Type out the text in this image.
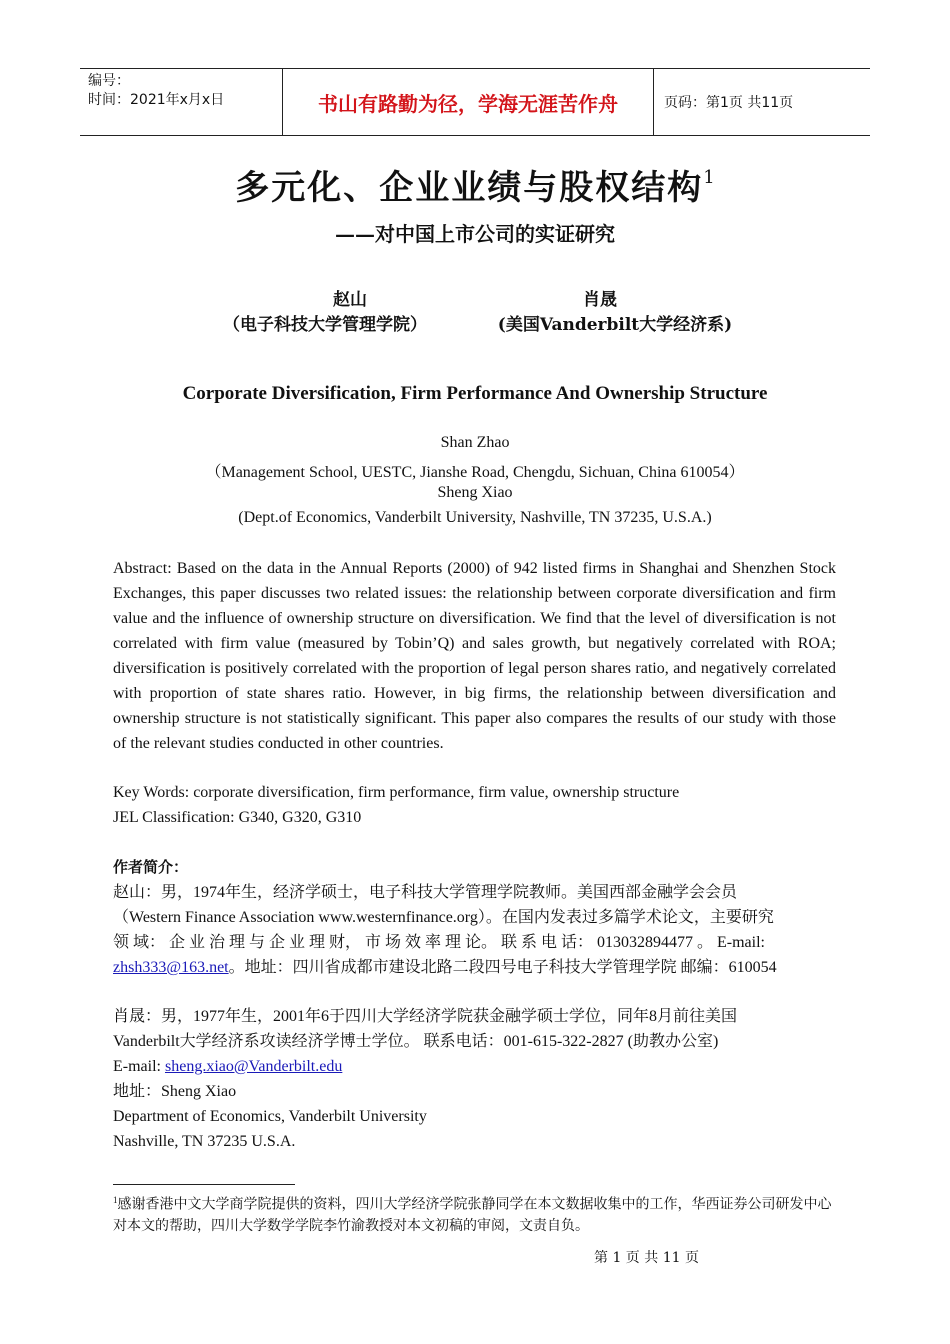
编号：
时间：2021年x月x日	书山有路勤为径，学海无涯苦作舟	页码：第1页 共11页
多元化、企业业绩与股权结构$^1$
——对中国上市公司的实证研究
赵山	肖晟
（电子科技大学管理学院）	(美国Vanderbilt大学经济系)
Corporate Diversification, Firm Performance And Ownership Structure
Shan Zhao
（Management School, UESTC, Jianshe Road, Chengdu, Sichuan, China 610054）
Sheng Xiao
(Dept.of Economics, Vanderbilt University, Nashville, TN 37235, U.S.A.)
Abstract: Based on the data in the Annual Reports (2000) of 942 listed firms in Shanghai and Shenzhen Stock Exchanges, this paper discusses two related issues: the relationship between corporate diversification and firm value and the influence of ownership structure on diversification. We find that the level of diversification is not correlated with firm value (measured by Tobin’Q) and sales growth, but negatively correlated with ROA; diversification is positively correlated with the proportion of legal person shares ratio, and negatively correlated with proportion of state shares ratio. However, in big firms, the relationship between diversification and ownership structure is not statistically significant. This paper also compares the results of our study with those of the relevant studies conducted in other countries.
Key Words: corporate diversification, firm performance, firm value, ownership structure
JEL Classification: G340, G320, G310
作者简介：
赵山：男，1974年生，经济学硕士，电子科技大学管理学院教师。美国西部金融学会会员
（Western Finance Association www.westernfinance.org）。在国内发表过多篇学术论文，主要研究
领 域： 企 业 治 理 与 企 业 理 财， 市 场 效 率 理 论。 联 系 电 话： 013032894477 。 E-mail:
zhsh333@163.net。地址：四川省成都市建设北路二段四号电子科技大学管理学院 邮编：610054
肖晟：男，1977年生，2001年6于四川大学经济学院获金融学硕士学位，同年8月前往美国
Vanderbilt大学经济系攻读经济学博士学位。 联系电话：001-615-322-2827 (助教办公室)
E-mail: sheng.xiao@Vanderbilt.edu
地址：Sheng Xiao
Department of Economics, Vanderbilt University
Nashville, TN 37235 U.S.A.
$^1$感谢香港中文大学商学院提供的资料，四川大学经济学院张静同学在本文数据收集中的工作，华西证券公司研发中心对本文的帮助，四川大学数学学院李竹渝教授对本文初稿的审阅，文责自负。
第 1 页 共 11 页
